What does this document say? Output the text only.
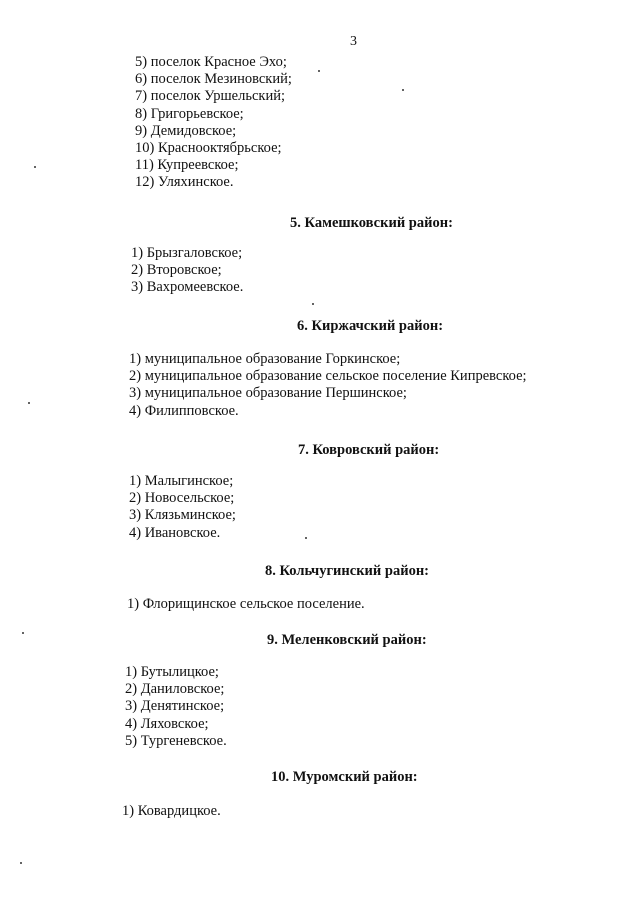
3
5) поселок Красное Эхо;
6) поселок Мезиновский;
7) поселок Уршельский;
8) Григорьевское;
9) Демидовское;
10) Краснооктябрьское;
11) Купреевское;
12) Уляхинское.
5. Камешковский район:
1) Брызгаловское;
2) Второвское;
3) Вахромеевское.
6. Киржачский район:
1) муниципальное образование Горкинское;
2) муниципальное образование сельское поселение Кипревское;
3) муниципальное образование Першинское;
4) Филипповское.
7. Ковровский район:
1) Малыгинское;
2) Новосельское;
3) Клязьминское;
4) Ивановское.
8. Кольчугинский район:
1) Флорищинское сельское поселение.
9. Меленковский район:
1) Бутылицкое;
2) Даниловское;
3) Денятинское;
4) Ляховское;
5) Тургеневское.
10. Муромский район:
1) Ковардицкое.
